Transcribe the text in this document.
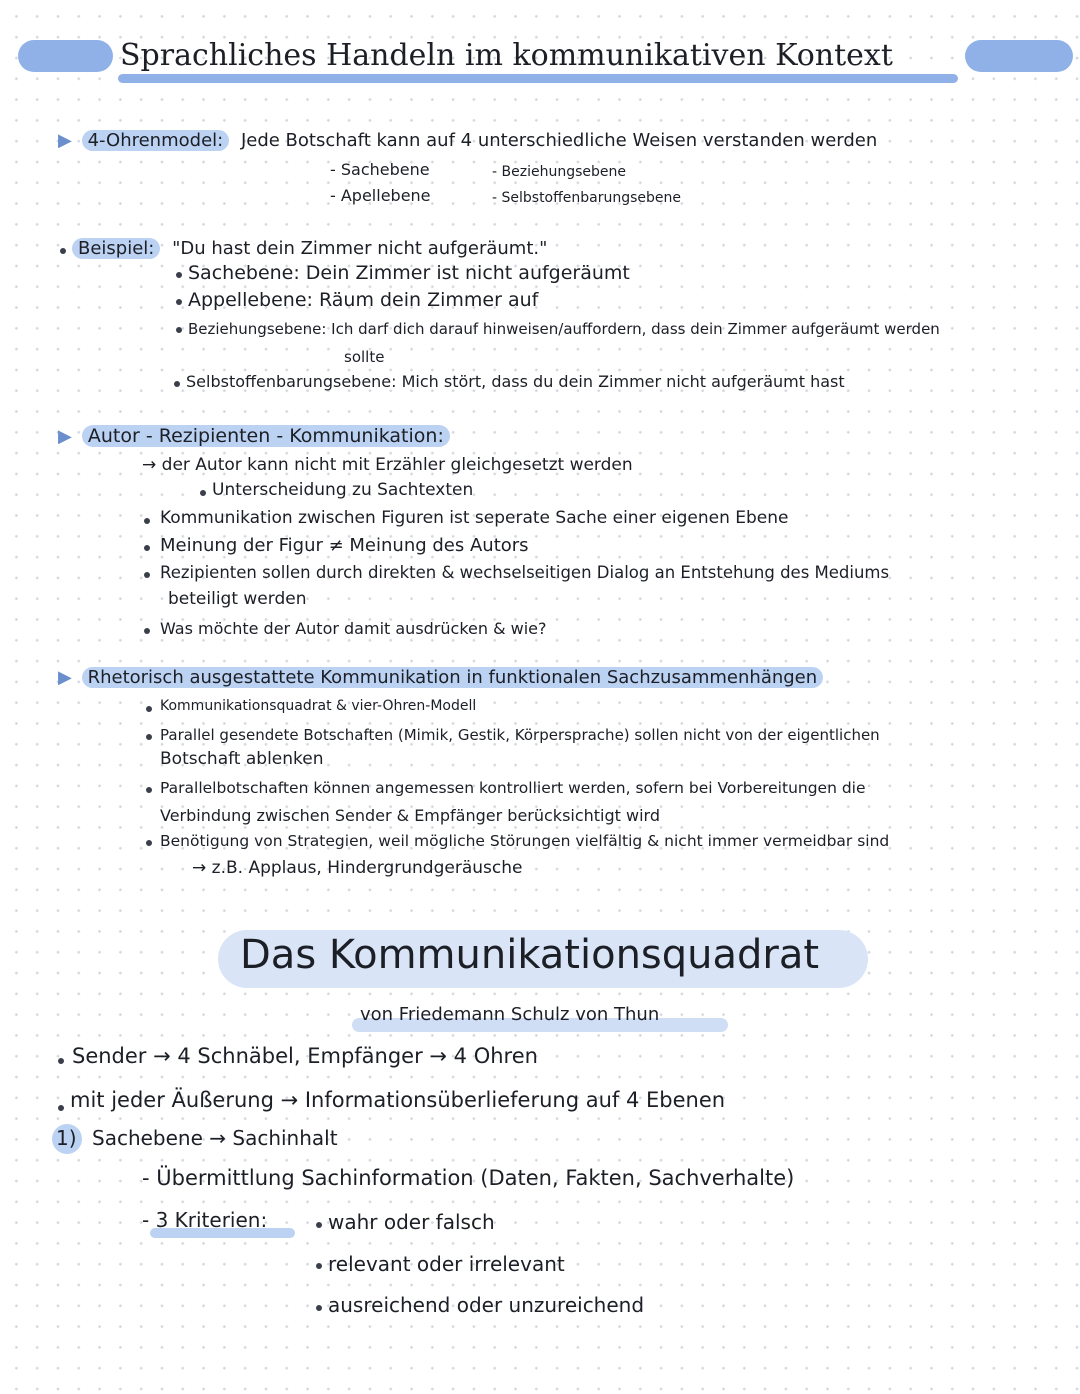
Sprachliches Handeln im kommunikativen Kontext
▶ 4-Ohrenmodel: Jede Botschaft kann auf 4 unterschiedliche Weisen verstanden werden
- Sachebene
- Apellebene
- Beziehungsebene
- Selbstoffenbarungsebene
Beispiel: "Du hast dein Zimmer nicht aufgeräumt."
Sachebene: Dein Zimmer ist nicht aufgeräumt
Appellebene: Räum dein Zimmer auf
Beziehungsebene: Ich darf dich darauf hinweisen/auffordern, dass dein Zimmer aufgeräumt werden
sollte
Selbstoffenbarungsebene: Mich stört, dass du dein Zimmer nicht aufgeräumt hast
▶ Autor - Rezipienten - Kommunikation:
→ der Autor kann nicht mit Erzähler gleichgesetzt werden
Unterscheidung zu Sachtexten
Kommunikation zwischen Figuren ist seperate Sache einer eigenen Ebene
Meinung der Figur ≠ Meinung des Autors
Rezipienten sollen durch direkten & wechselseitigen Dialog an Entstehung des Mediums
beteiligt werden
Was möchte der Autor damit ausdrücken & wie?
▶ Rhetorisch ausgestattete Kommunikation in funktionalen Sachzusammenhängen
Kommunikationsquadrat & vier-Ohren-Modell
Parallel gesendete Botschaften (Mimik, Gestik, Körpersprache) sollen nicht von der eigentlichen
Botschaft ablenken
Parallelbotschaften können angemessen kontrolliert werden, sofern bei Vorbereitungen die
Verbindung zwischen Sender & Empfänger berücksichtigt wird
Benötigung von Strategien, weil mögliche Störungen vielfältig & nicht immer vermeidbar sind
→ z.B. Applaus, Hindergrundgeräusche
Das Kommunikationsquadrat
von Friedemann Schulz von Thun
Sender → 4 Schnäbel, Empfänger → 4 Ohren
mit jeder Äußerung → Informationsüberlieferung auf 4 Ebenen
1) Sachebene → Sachinhalt
- Übermittlung Sachinformation (Daten, Fakten, Sachverhalte)
- 3 Kriterien:	wahr oder falsch
relevant oder irrelevant
ausreichend oder unzureichend
